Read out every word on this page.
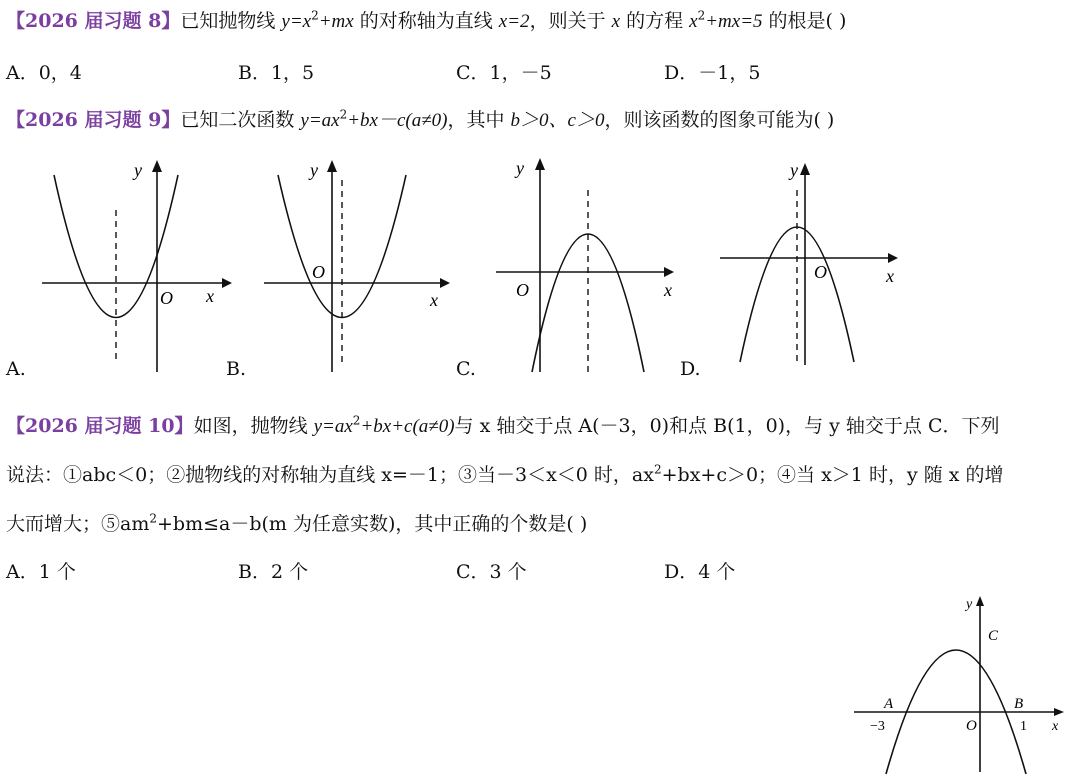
【2026 届习题 8】已知抛物线 $y=x^2+mx$ 的对称轴为直线 x=2，则关于 x 的方程 $x^2+mx=5$ 的根是( )
A．0，4	B．1，5	C．1，－5	D．－1，5
【2026 届习题 9】已知二次函数 $y=ax^2+bx-c(a\ne 0)$，其中 b＞0、c＞0，则该函数的图象可能为( )
y
x
O
A.
y
x
O
B.
y
x
O
C.
y
x
O
D.
【2026 届习题 10】如图，抛物线 $y=ax^2+bx+c(a\ne 0)$与 x 轴交于点 A(－3，0)和点 B(1，0)，与 y 轴交于点 C．下列
说法：①abc＜0；②抛物线的对称轴为直线 x=－1；③当－3＜x＜0 时，$ax^2+bx+c>0$；④当 x＞1 时，y 随 x 的增
大而增大；$⑤am^2+bm\le a-b(m$ 为任意实数)，其中正确的个数是( )
A．1 个	B．2 个	C．3 个	D．4 个
y
x
O
A	B
C
−3	1
